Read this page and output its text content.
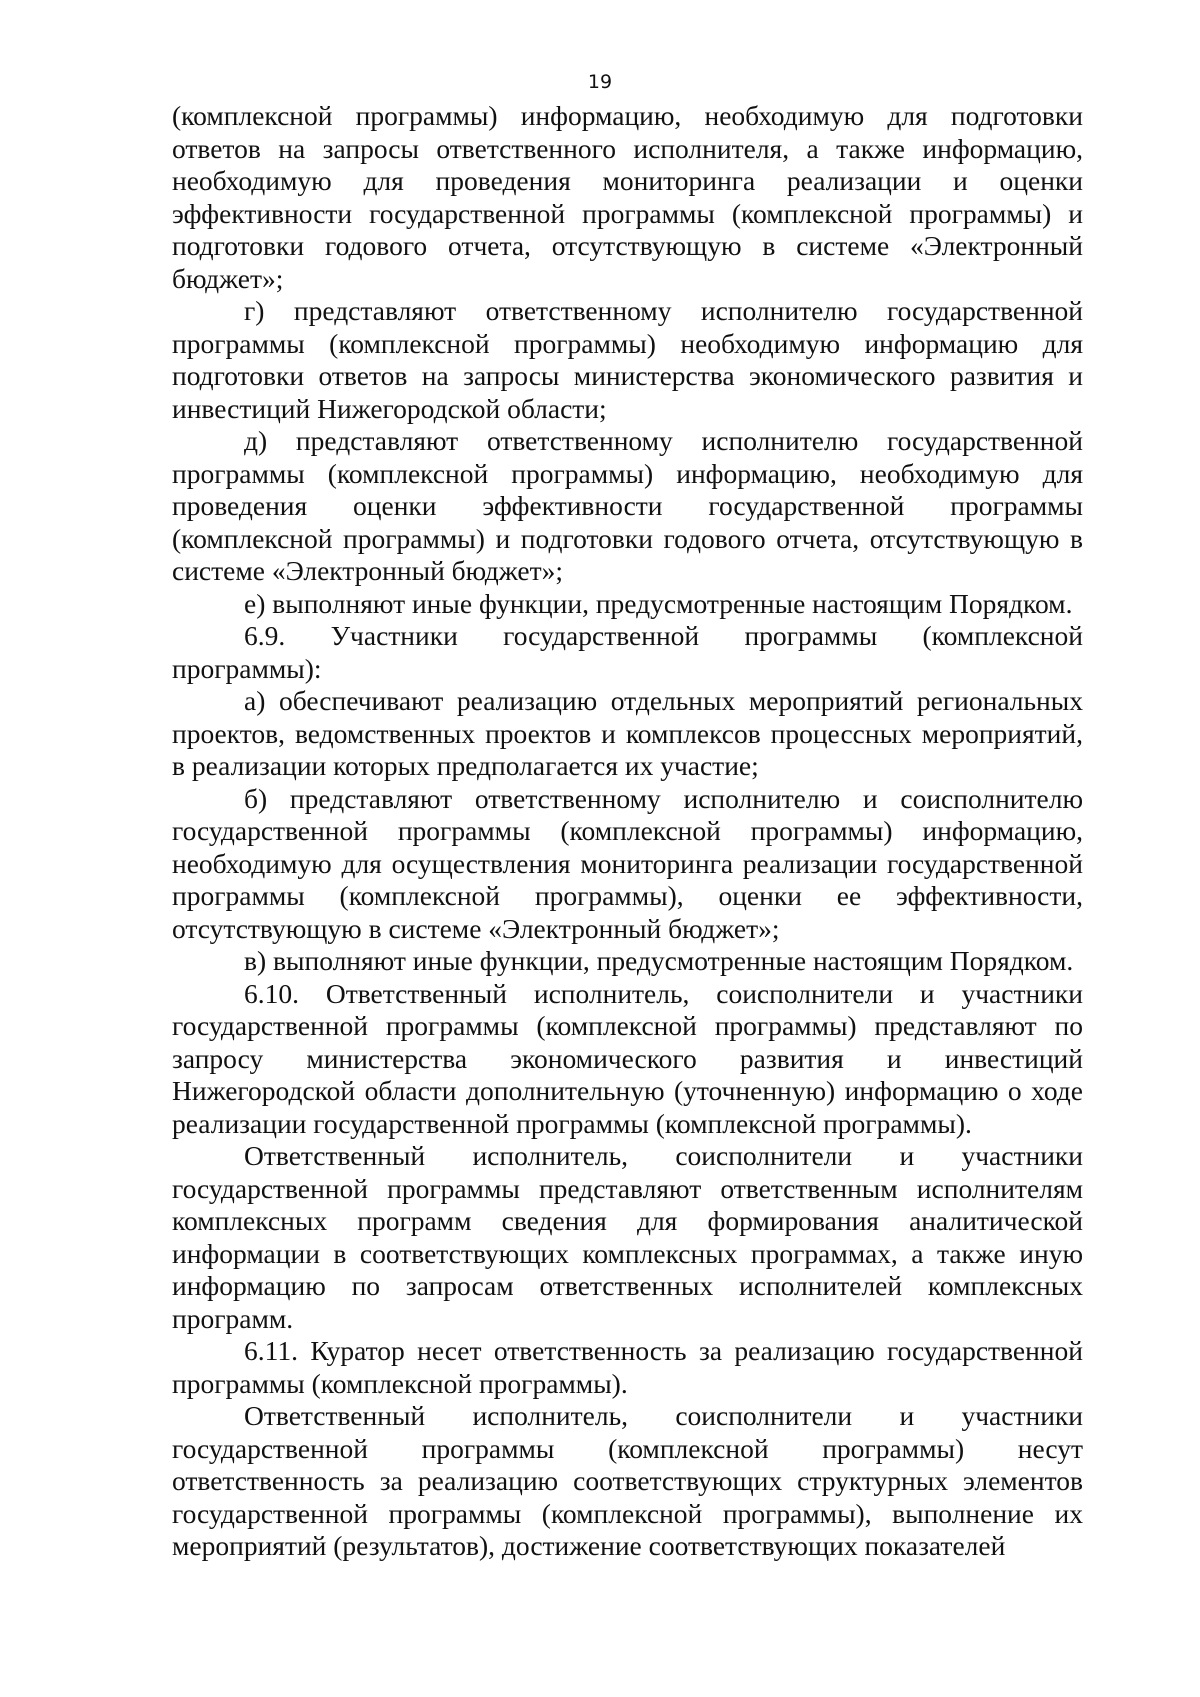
19

(комплексной программы) информацию, необходимую для подготовки ответов на запросы ответственного исполнителя, а также информацию, необходимую для проведения мониторинга реализации и оценки эффективности государственной программы (комплексной программы) и подготовки годового отчета, отсутствующую в системе «Электронный бюджет»;

г) представляют ответственному исполнителю государственной программы (комплексной программы) необходимую информацию для подготовки ответов на запросы министерства экономического развития и инвестиций Нижегородской области;

д) представляют ответственному исполнителю государственной программы (комплексной программы) информацию, необходимую для проведения оценки эффективности государственной программы (комплексной программы) и подготовки годового отчета, отсутствующую в системе «Электронный бюджет»;

е) выполняют иные функции, предусмотренные настоящим Порядком.

6.9. Участники государственной программы (комплексной программы):

а) обеспечивают реализацию отдельных мероприятий региональных проектов, ведомственных проектов и комплексов процессных мероприятий, в реализации которых предполагается их участие;

б) представляют ответственному исполнителю и соисполнителю государственной программы (комплексной программы) информацию, необходимую для осуществления мониторинга реализации государственной программы (комплексной программы), оценки ее эффективности, отсутствующую в системе «Электронный бюджет»;

в) выполняют иные функции, предусмотренные настоящим Порядком.

6.10. Ответственный исполнитель, соисполнители и участники государственной программы (комплексной программы) представляют по запросу министерства экономического развития и инвестиций Нижегородской области дополнительную (уточненную) информацию о ходе реализации государственной программы (комплексной программы).

Ответственный исполнитель, соисполнители и участники государственной программы представляют ответственным исполнителям комплексных программ сведения для формирования аналитической информации в соответствующих комплексных программах, а также иную информацию по запросам ответственных исполнителей комплексных программ.

6.11. Куратор несет ответственность за реализацию государственной программы (комплексной программы).

Ответственный исполнитель, соисполнители и участники государственной программы (комплексной программы) несут ответственность за реализацию соответствующих структурных элементов государственной программы (комплексной программы), выполнение их мероприятий (результатов), достижение соответствующих показателей
